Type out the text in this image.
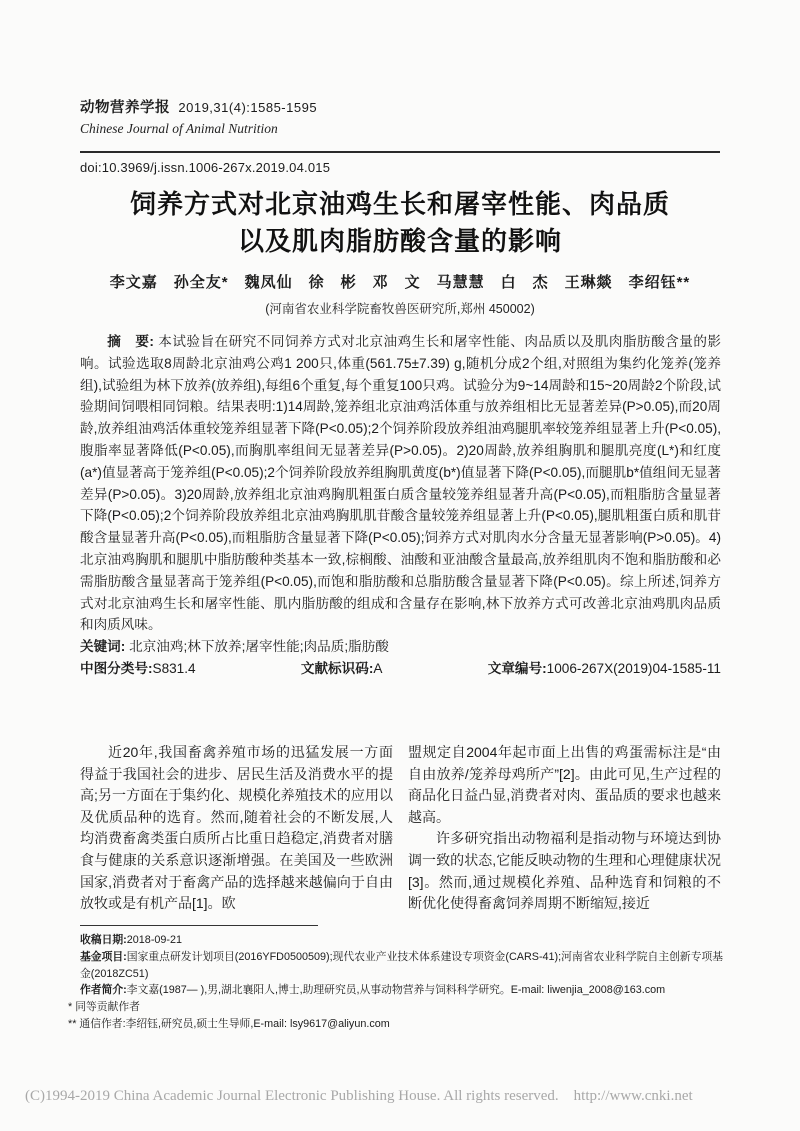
动物营养学报 2019,31(4):1585-1595
Chinese Journal of Animal Nutrition
doi:10.3969/j.issn.1006-267x.2019.04.015
饲养方式对北京油鸡生长和屠宰性能、肉品质
以及肌肉脂肪酸含量的影响
李文嘉　孙全友*　魏凤仙　徐　彬　邓　文　马慧慧　白　杰　王琳燚　李绍钰**
(河南省农业科学院畜牧兽医研究所,郑州 450002)

摘　要: 本试验旨在研究不同饲养方式对北京油鸡生长和屠宰性能、肉品质以及肌肉脂肪酸含量的影响。试验选取8周龄北京油鸡公鸡1 200只,体重(561.75±7.39) g,随机分成2个组,对照组为集约化笼养(笼养组),试验组为林下放养(放养组),每组6个重复,每个重复100只鸡。试验分为9~14周龄和15~20周龄2个阶段,试验期间饲喂相同饲粮。结果表明:1)14周龄,笼养组北京油鸡活体重与放养组相比无显著差异(P>0.05),而20周龄,放养组油鸡活体重较笼养组显著下降(P<0.05);2个饲养阶段放养组油鸡腿肌率较笼养组显著上升(P<0.05),腹脂率显著降低(P<0.05),而胸肌率组间无显著差异(P>0.05)。2)20周龄,放养组胸肌和腿肌亮度(L*)和红度(a*)值显著高于笼养组(P<0.05);2个饲养阶段放养组胸肌黄度(b*)值显著下降(P<0.05),而腿肌b*值组间无显著差异(P>0.05)。3)20周龄,放养组北京油鸡胸肌粗蛋白质含量较笼养组显著升高(P<0.05),而粗脂肪含量显著下降(P<0.05);2个饲养阶段放养组北京油鸡胸肌肌苷酸含量较笼养组显著上升(P<0.05),腿肌粗蛋白质和肌苷酸含量显著升高(P<0.05),而粗脂肪含量显著下降(P<0.05);饲养方式对肌肉水分含量无显著影响(P>0.05)。4)北京油鸡胸肌和腿肌中脂肪酸种类基本一致,棕榈酸、油酸和亚油酸含量最高,放养组肌肉不饱和脂肪酸和必需脂肪酸含量显著高于笼养组(P<0.05),而饱和脂肪酸和总脂肪酸含量显著下降(P<0.05)。综上所述,饲养方式对北京油鸡生长和屠宰性能、肌内脂肪酸的组成和含量存在影响,林下放养方式可改善北京油鸡肌肉品质和肉质风味。

关键词: 北京油鸡;林下放养;屠宰性能;肉品质;脂肪酸
中图分类号:S831.4	文献标识码:A	文章编号:1006-267X(2019)04-1585-11

近20年,我国畜禽养殖市场的迅猛发展一方面得益于我国社会的进步、居民生活及消费水平的提高;另一方面在于集约化、规模化养殖技术的应用以及优质品种的选育。然而,随着社会的不断发展,人均消费畜禽类蛋白质所占比重日趋稳定,消费者对膳食与健康的关系意识逐渐增强。在美国及一些欧洲国家,消费者对于畜禽产品的选择越来越偏向于自由放牧或是有机产品[1]。欧

盟规定自2004年起市面上出售的鸡蛋需标注是“由自由放养/笼养母鸡所产”[2]。由此可见,生产过程的商品化日益凸显,消费者对肉、蛋品质的要求也越来越高。

许多研究指出动物福利是指动物与环境达到协调一致的状态,它能反映动物的生理和心理健康状况[3]。然而,通过规模化养殖、品种选育和饲粮的不断优化使得畜禽饲养周期不断缩短,接近

收稿日期:2018-09-21
基金项目:国家重点研发计划项目(2016YFD0500509);现代农业产业技术体系建设专项资金(CARS-41);河南省农业科学院自主创新专项基金(2018ZC51)
作者简介:李文嘉(1987— ),男,湖北襄阳人,博士,助理研究员,从事动物营养与饲料科学研究。E-mail: liwenjia_2008@163.com
* 同等贡献作者
** 通信作者:李绍钰,研究员,硕士生导师,E-mail: lsy9617@aliyun.com
(C)1994-2019 China Academic Journal Electronic Publishing House. All rights reserved.    http://www.cnki.net
